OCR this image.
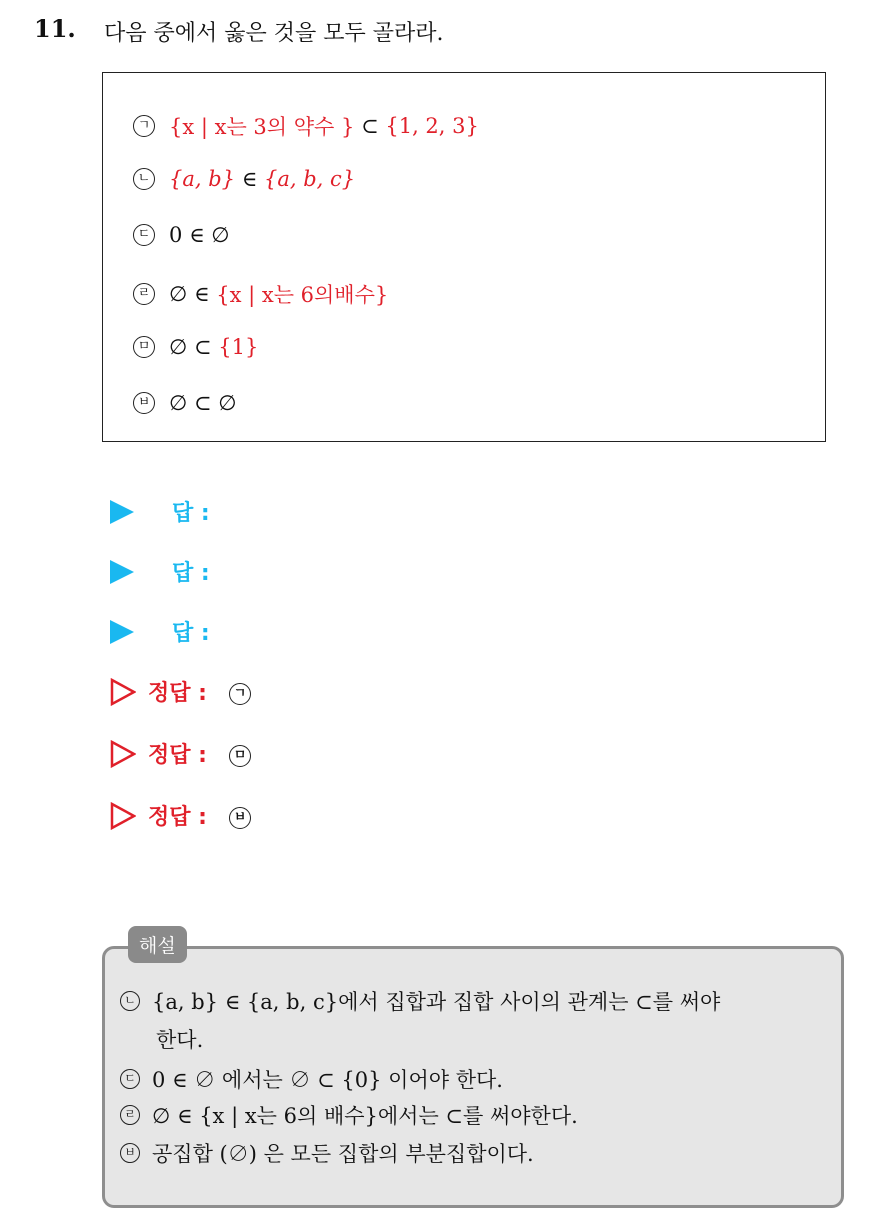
11. 다음 중에서 옳은 것을 모두 골라라.
ㄱ {x | x는 3의 약수 }
⊂
{1, 2, 3}
ㄴ {a, b}
∈
{a, b, c}
ㄷ 0
∈
∅
ㄹ ∅
∈
{x | x는 6의배수}
ㅁ ∅
⊂
{1}
ㅂ ∅
⊂
∅
답 :
답 :
답 :
정답 :	ㄱ
정답 :	ㅁ
정답 :	ㅂ
해설
ㄴ {a, b} ∈ {a, b, c}에서 집합과 집합 사이의 관계는 ⊂를 써야
한다.
ㄷ 0 ∈ ∅ 에서는 ∅ ⊂ {0} 이어야 한다.
ㄹ ∅ ∈ {x | x는 6의 배수}에서는 ⊂를 써야한다.
ㅂ 공집합 (∅) 은 모든 집합의 부분집합이다.
